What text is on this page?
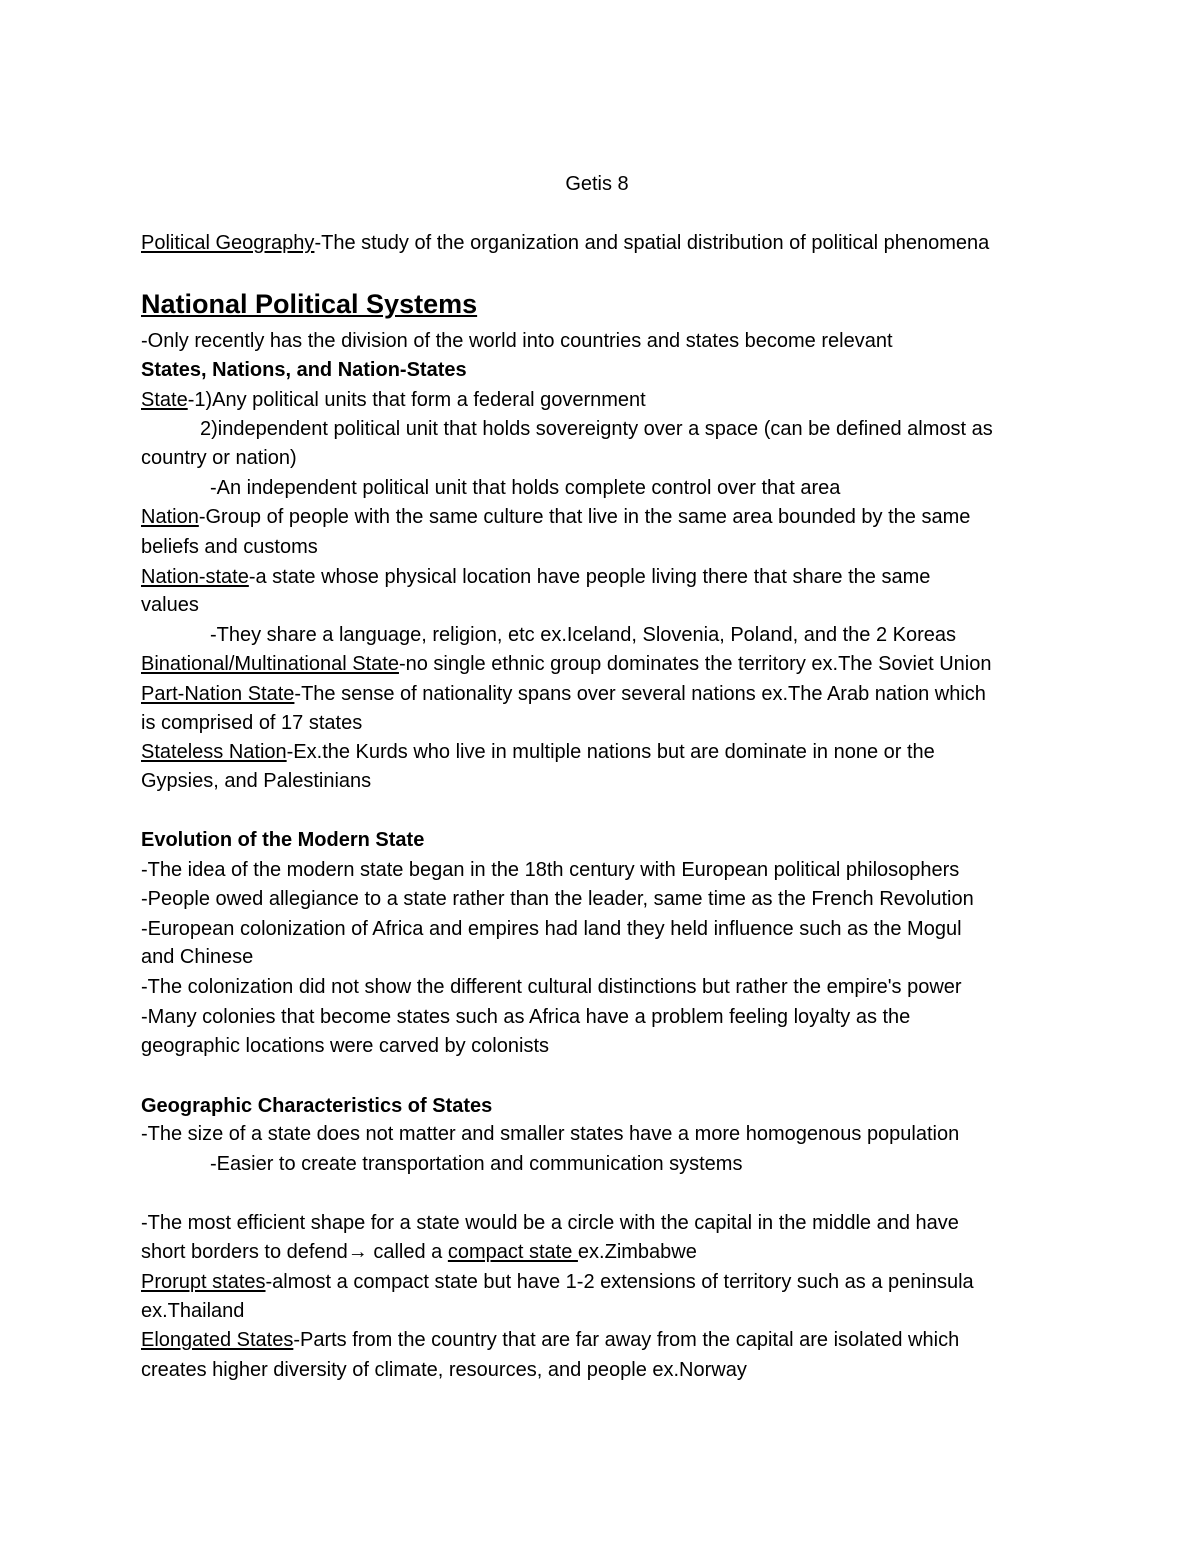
Getis 8
Political Geography-The study of the organization and spatial distribution of political phenomena
National Political Systems
-Only recently has the division of the world into countries and states become relevant
States, Nations, and Nation-States
State-1)Any political units that form a federal government
2)independent political unit that holds sovereignty over a space (can be defined almost as
country or nation)
-An independent political unit that holds complete control over that area
Nation-Group of people with the same culture that live in the same area bounded by the same
beliefs and customs
Nation-state-a state whose physical location have people living there that share the same
values
-They share a language, religion, etc ex.Iceland, Slovenia, Poland, and the 2 Koreas
Binational/Multinational State-no single ethnic group dominates the territory ex.The Soviet Union
Part-Nation State-The sense of nationality spans over several nations ex.The Arab nation which
is comprised of 17 states
Stateless Nation-Ex.the Kurds who live in multiple nations but are dominate in none or the
Gypsies, and Palestinians
Evolution of the Modern State
-The idea of the modern state began in the 18th century with European political philosophers
-People owed allegiance to a state rather than the leader, same time as the French Revolution
-European colonization of Africa and empires had land they held influence such as the Mogul
and Chinese
-The colonization did not show the different cultural distinctions but rather the empire's power
-Many colonies that become states such as Africa have a problem feeling loyalty as the
geographic locations were carved by colonists
Geographic Characteristics of States
-The size of a state does not matter and smaller states have a more homogenous population
-Easier to create transportation and communication systems
-The most efficient shape for a state would be a circle with the capital in the middle and have
short borders to defend→ called a compact state ex.Zimbabwe
Prorupt states-almost a compact state but have 1-2 extensions of territory such as a peninsula
ex.Thailand
Elongated States-Parts from the country that are far away from the capital are isolated which
creates higher diversity of climate, resources, and people ex.Norway
